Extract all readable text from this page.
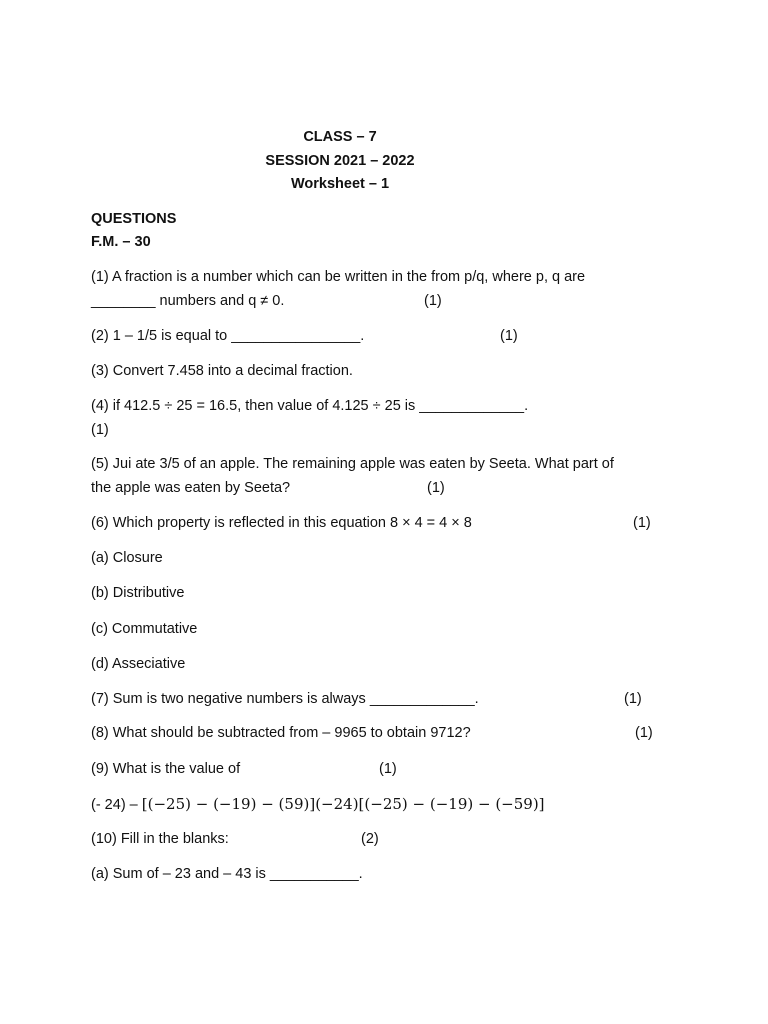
CLASS – 7
SESSION 2021 – 2022
Worksheet – 1
QUESTIONS
F.M. – 30
(1) A fraction is a number which can be written in the from p/q, where p, q are
________ numbers and q ≠ 0.	(1)
(2) 1 – 1/5 is equal to ________________.	(1)
(3) Convert 7.458 into a decimal fraction.
(4) if 412.5 ÷ 25 = 16.5, then value of 4.125 ÷ 25 is _____________.
(1)
(5) Jui ate 3/5 of an apple. The remaining apple was eaten by Seeta. What part of
the apple was eaten by Seeta?	(1)
(6) Which property is reflected in this equation 8 × 4 = 4 × 8	(1)
(a) Closure
(b) Distributive
(c) Commutative
(d) Asseciative
(7) Sum is two negative numbers is always _____________.	(1)
(8) What should be subtracted from – 9965 to obtain 9712?	(1)
(9) What is the value of	(1)
(- 24) – [(−25) − (−19) − (59)](−24)[(−25) − (−19) − (−59)]
(10) Fill in the blanks:	(2)
(a) Sum of – 23 and – 43 is ___________.
